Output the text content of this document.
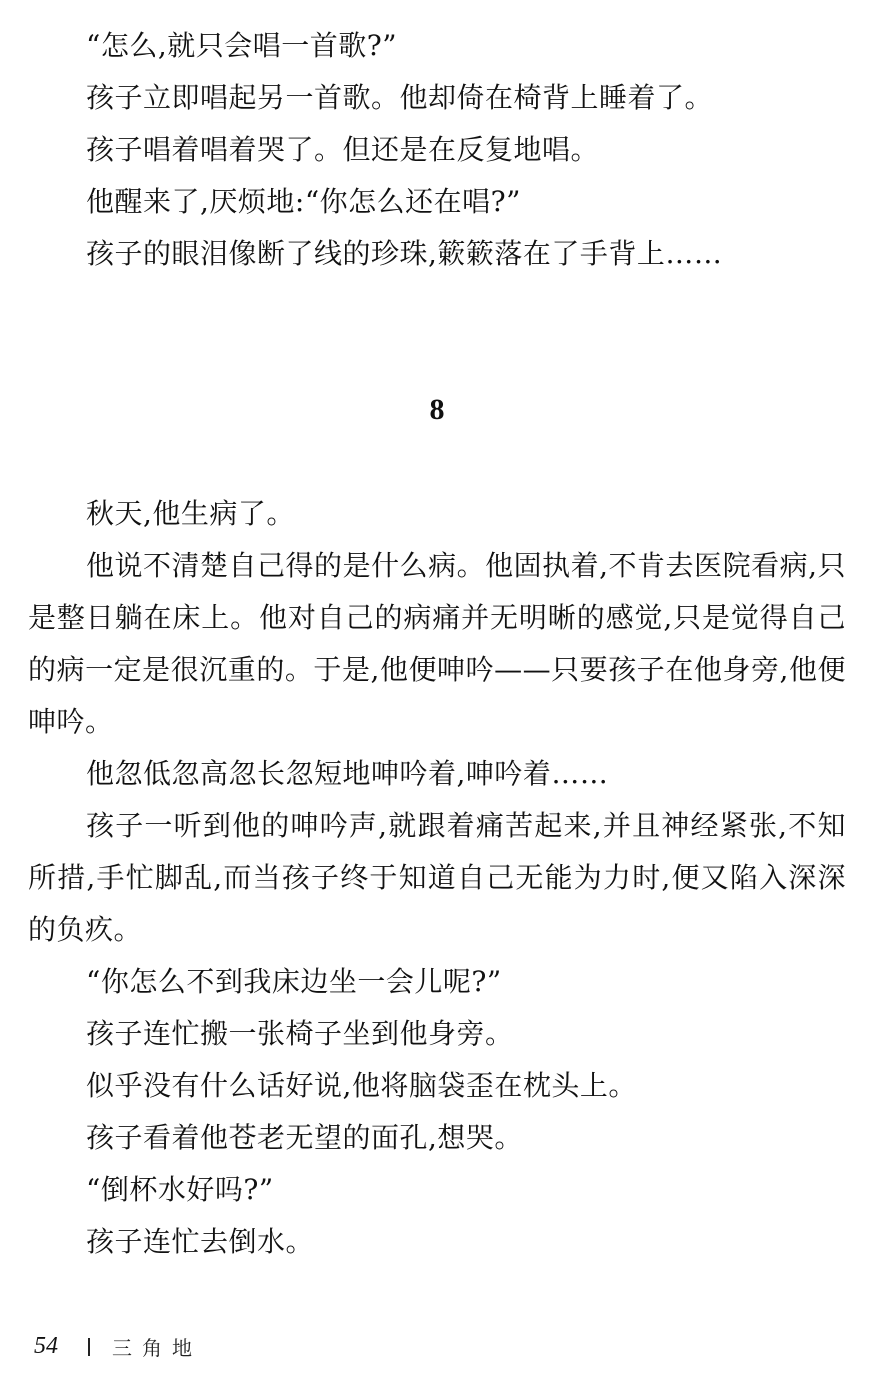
“怎么,就只会唱一首歌?”

孩子立即唱起另一首歌。他却倚在椅背上睡着了。

孩子唱着唱着哭了。但还是在反复地唱。

他醒来了,厌烦地:“你怎么还在唱?”

孩子的眼泪像断了线的珍珠,簌簌落在了手背上……

8

秋天,他生病了。

他说不清楚自己得的是什么病。他固执着,不肯去医院看病,只是整日躺在床上。他对自己的病痛并无明晰的感觉,只是觉得自己的病一定是很沉重的。于是,他便呻吟——只要孩子在他身旁,他便呻吟。

他忽低忽高忽长忽短地呻吟着,呻吟着……

孩子一听到他的呻吟声,就跟着痛苦起来,并且神经紧张,不知所措,手忙脚乱,而当孩子终于知道自己无能为力时,便又陷入深深的负疚。

“你怎么不到我床边坐一会儿呢?”

孩子连忙搬一张椅子坐到他身旁。

似乎没有什么话好说,他将脑袋歪在枕头上。

孩子看着他苍老无望的面孔,想哭。

“倒杯水好吗?”

孩子连忙去倒水。

54	三角地
